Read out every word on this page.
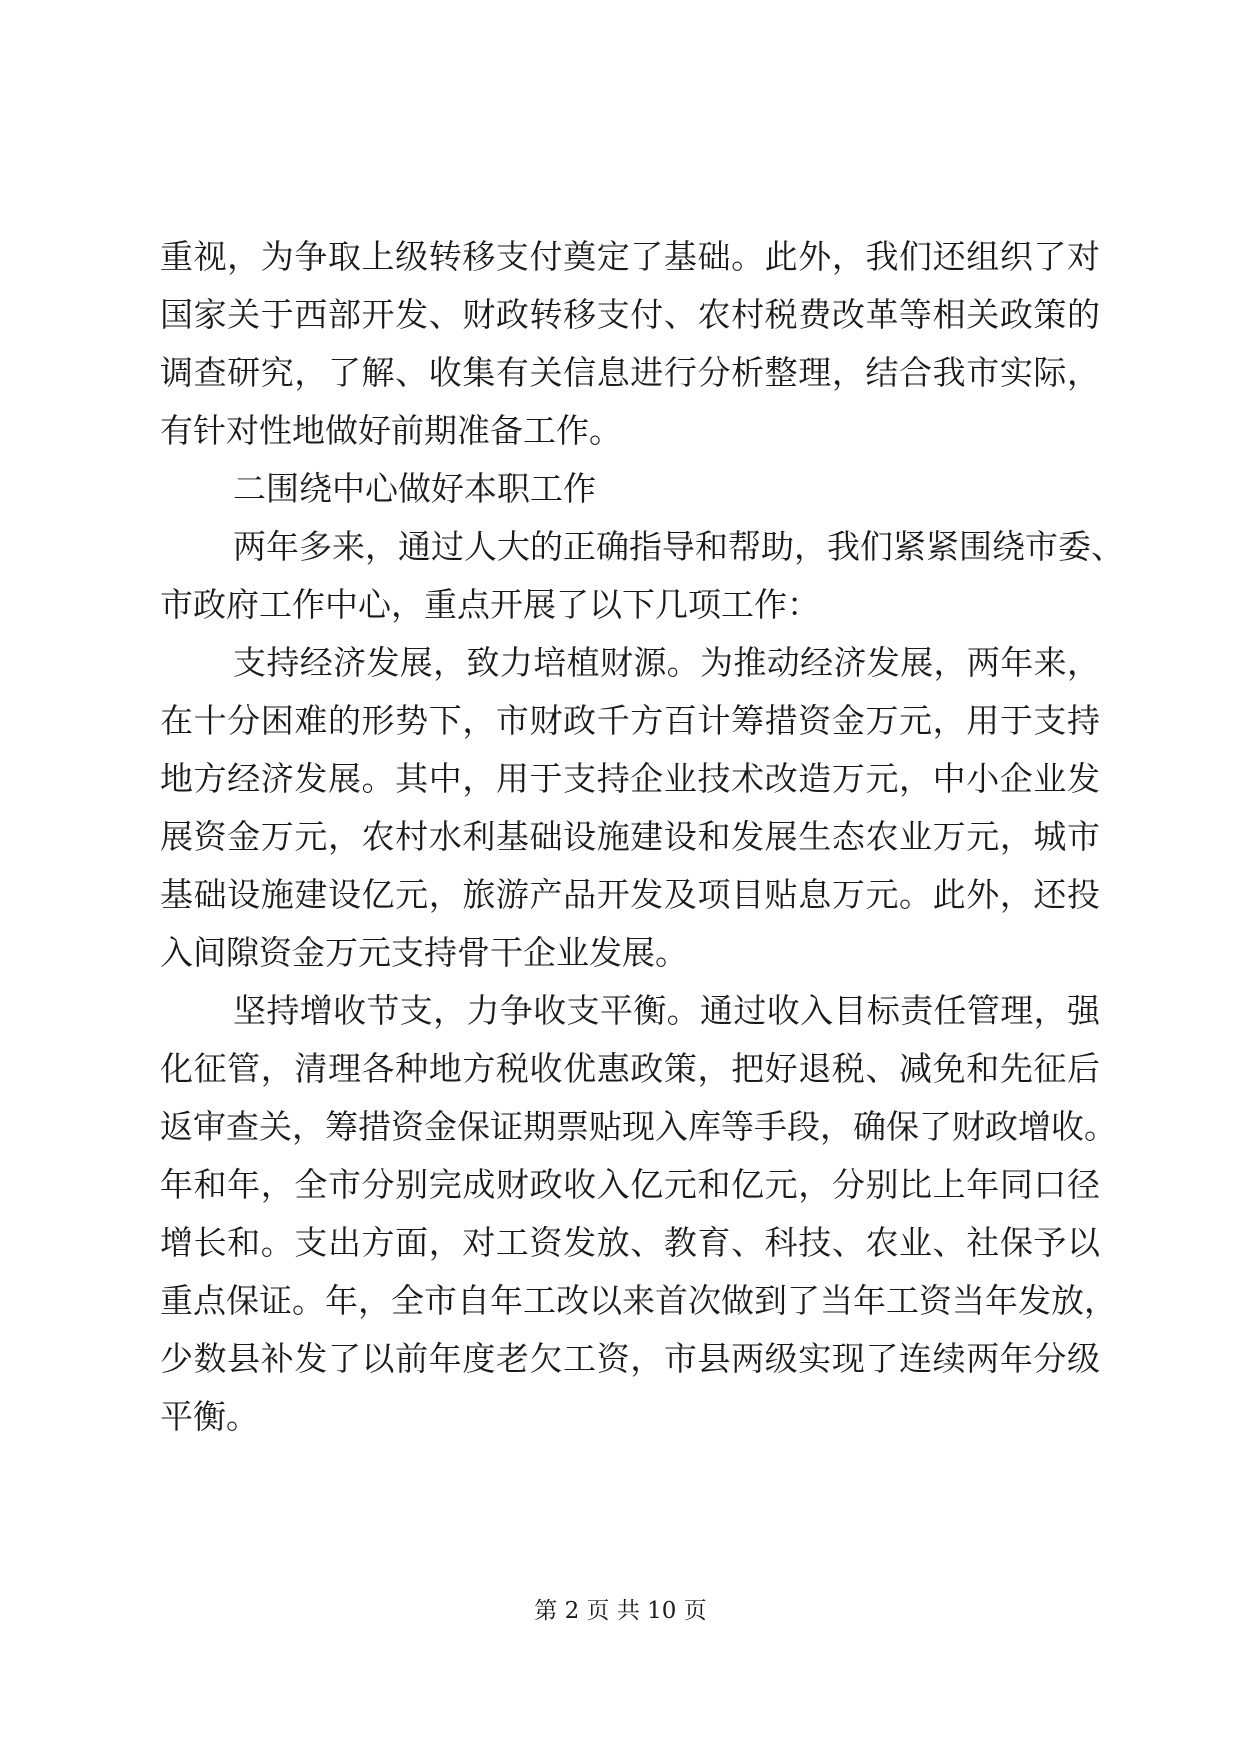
重视，为争取上级转移支付奠定了基础。此外，我们还组织了对
国家关于西部开发、财政转移支付、农村税费改革等相关政策的
调查研究，了解、收集有关信息进行分析整理，结合我市实际，
有针对性地做好前期准备工作。
二围绕中心做好本职工作
两年多来，通过人大的正确指导和帮助，我们紧紧围绕市委、
市政府工作中心，重点开展了以下几项工作：
支持经济发展，致力培植财源。为推动经济发展，两年来，
在十分困难的形势下，市财政千方百计筹措资金万元，用于支持
地方经济发展。其中，用于支持企业技术改造万元，中小企业发
展资金万元，农村水利基础设施建设和发展生态农业万元，城市
基础设施建设亿元，旅游产品开发及项目贴息万元。此外，还投
入间隙资金万元支持骨干企业发展。
坚持增收节支，力争收支平衡。通过收入目标责任管理，强
化征管，清理各种地方税收优惠政策，把好退税、减免和先征后
返审查关，筹措资金保证期票贴现入库等手段，确保了财政增收。
年和年，全市分别完成财政收入亿元和亿元，分别比上年同口径
增长和。支出方面，对工资发放、教育、科技、农业、社保予以
重点保证。年，全市自年工改以来首次做到了当年工资当年发放，
少数县补发了以前年度老欠工资，市县两级实现了连续两年分级
平衡。
第 2 页 共 10 页
